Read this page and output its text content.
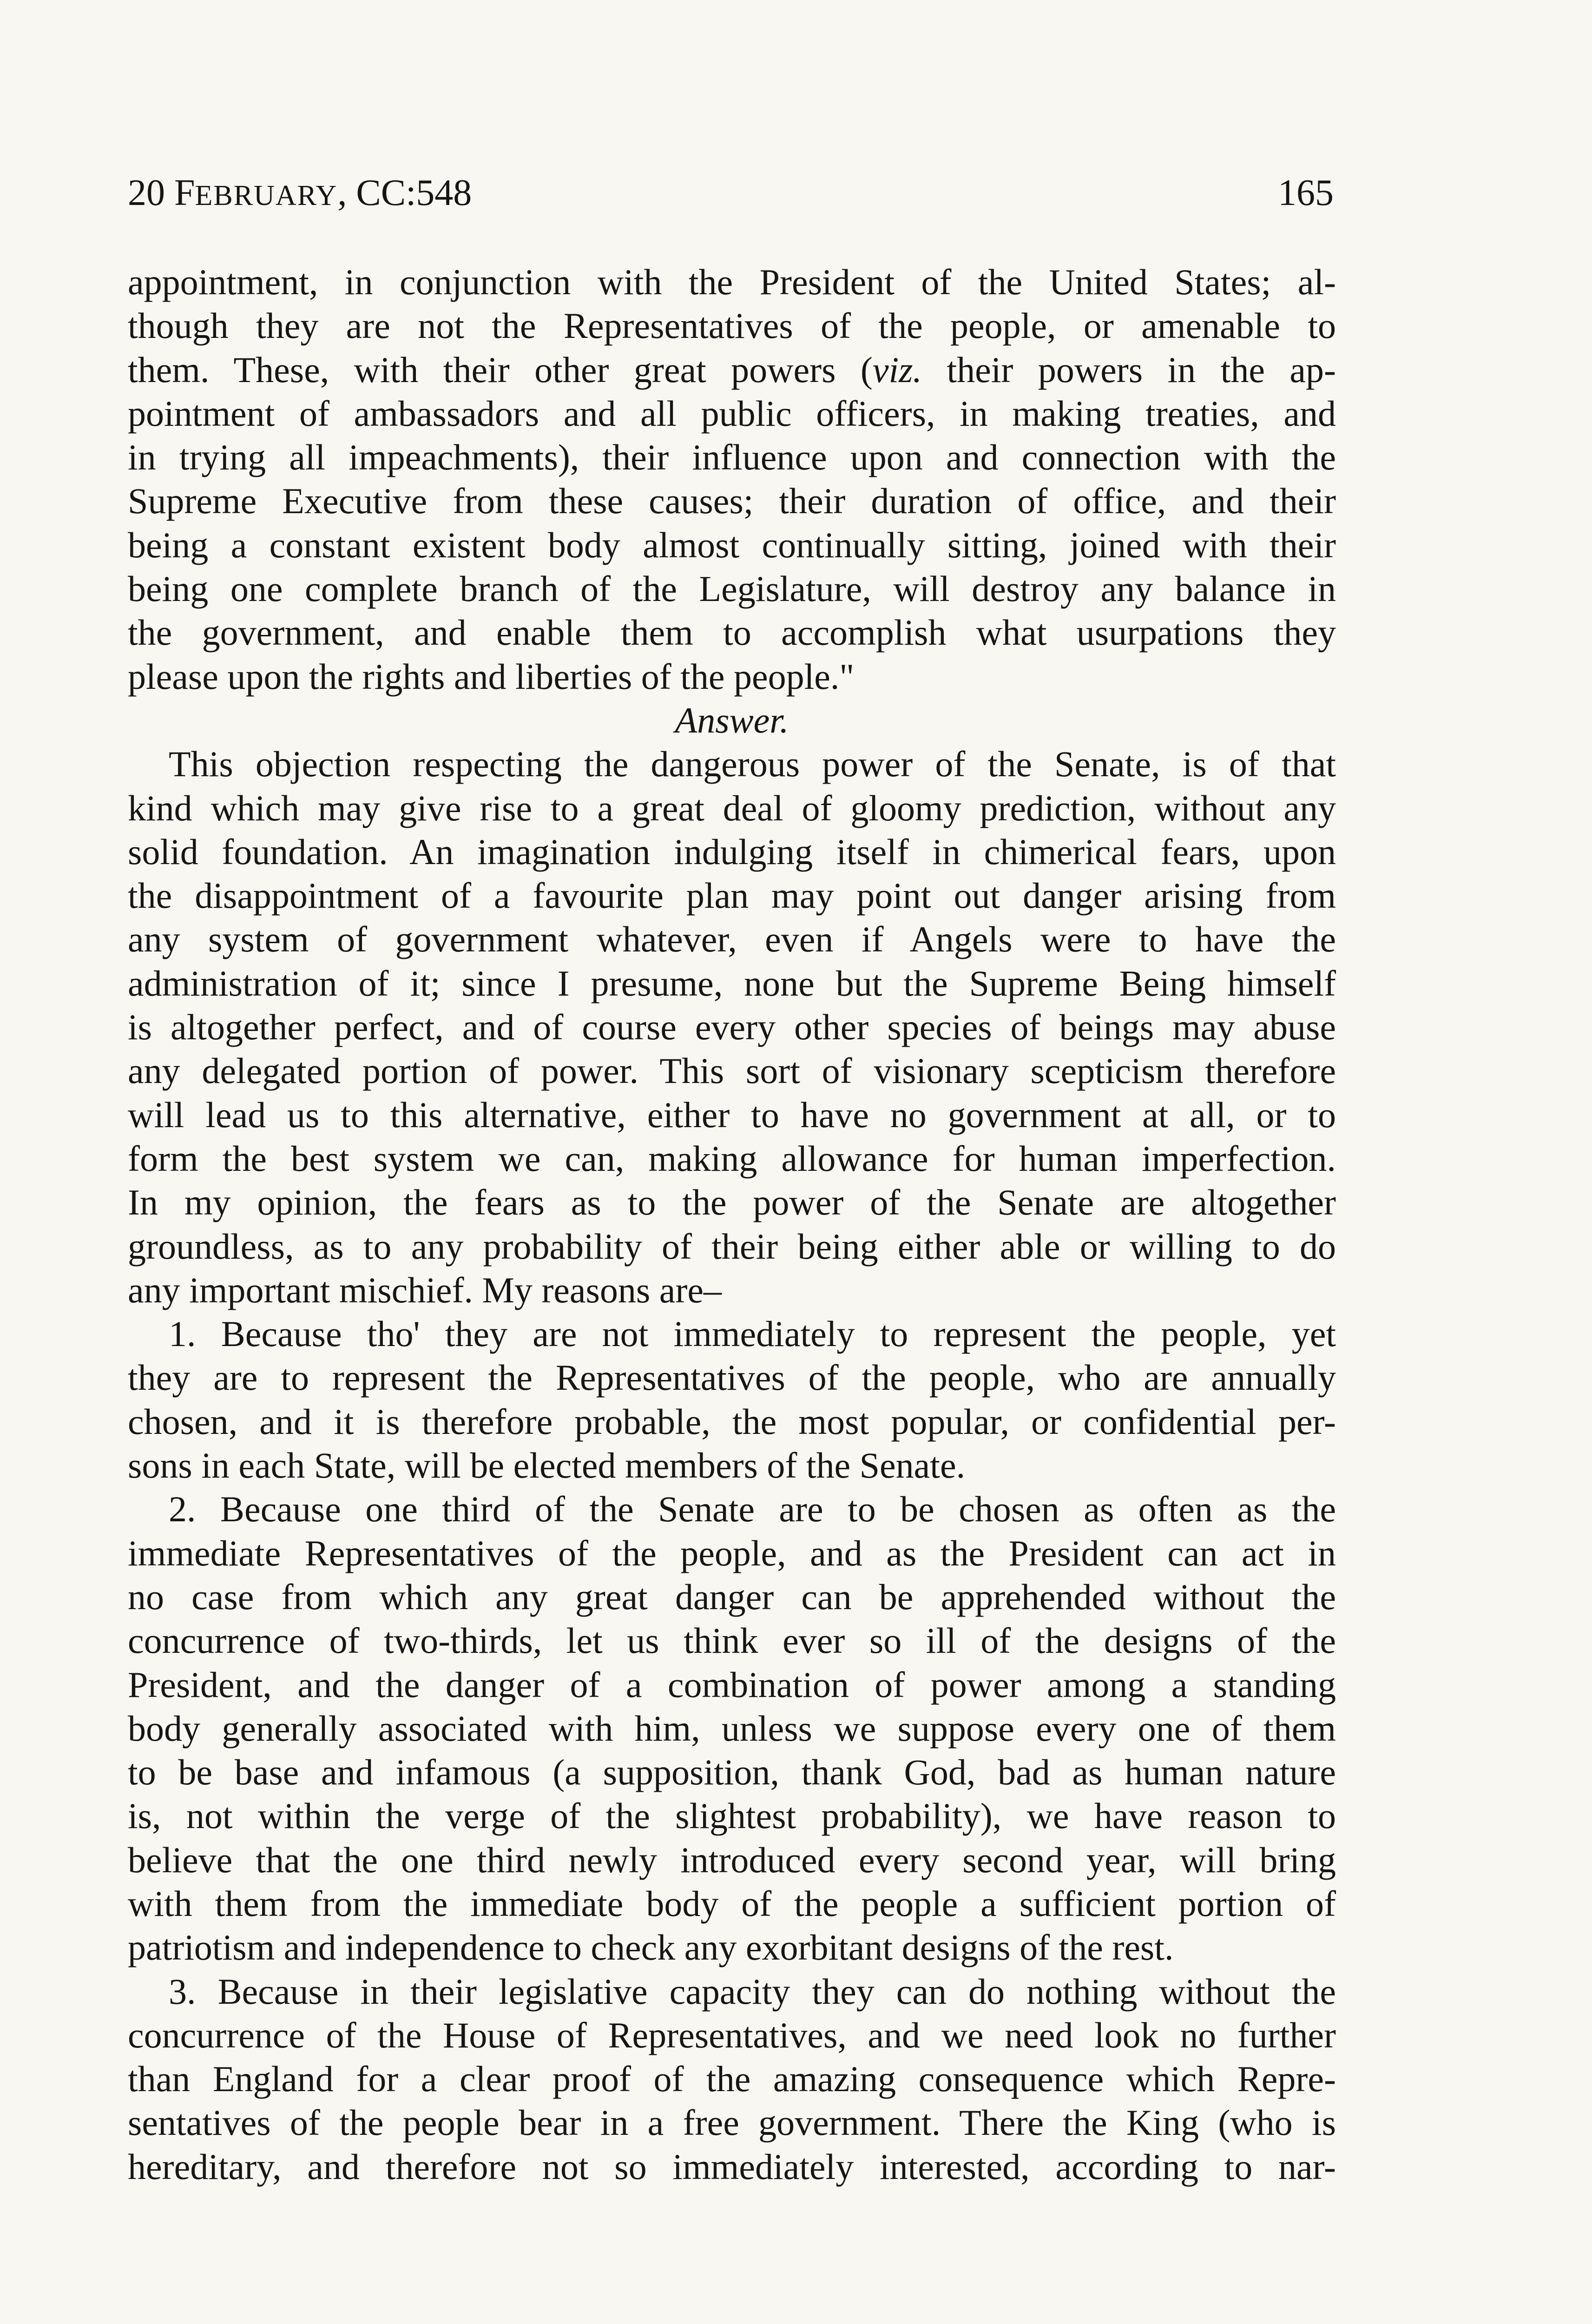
20 FEBRUARY, CC:548	165
appointment, in conjunction with the President of the United States; al-
though they are not the Representatives of the people, or amenable to
them. These, with their other great powers (viz. their powers in the ap-
pointment of ambassadors and all public officers, in making treaties, and
in trying all impeachments), their influence upon and connection with the
Supreme Executive from these causes; their duration of office, and their
being a constant existent body almost continually sitting, joined with their
being one complete branch of the Legislature, will destroy any balance in
the government, and enable them to accomplish what usurpations they
please upon the rights and liberties of the people."
Answer.
This objection respecting the dangerous power of the Senate, is of that
kind which may give rise to a great deal of gloomy prediction, without any
solid foundation. An imagination indulging itself in chimerical fears, upon
the disappointment of a favourite plan may point out danger arising from
any system of government whatever, even if Angels were to have the
administration of it; since I presume, none but the Supreme Being himself
is altogether perfect, and of course every other species of beings may abuse
any delegated portion of power. This sort of visionary scepticism therefore
will lead us to this alternative, either to have no government at all, or to
form the best system we can, making allowance for human imperfection.
In my opinion, the fears as to the power of the Senate are altogether
groundless, as to any probability of their being either able or willing to do
any important mischief. My reasons are–
1. Because tho' they are not immediately to represent the people, yet
they are to represent the Representatives of the people, who are annually
chosen, and it is therefore probable, the most popular, or confidential per-
sons in each State, will be elected members of the Senate.
2. Because one third of the Senate are to be chosen as often as the
immediate Representatives of the people, and as the President can act in
no case from which any great danger can be apprehended without the
concurrence of two-thirds, let us think ever so ill of the designs of the
President, and the danger of a combination of power among a standing
body generally associated with him, unless we suppose every one of them
to be base and infamous (a supposition, thank God, bad as human nature
is, not within the verge of the slightest probability), we have reason to
believe that the one third newly introduced every second year, will bring
with them from the immediate body of the people a sufficient portion of
patriotism and independence to check any exorbitant designs of the rest.
3. Because in their legislative capacity they can do nothing without the
concurrence of the House of Representatives, and we need look no further
than England for a clear proof of the amazing consequence which Repre-
sentatives of the people bear in a free government. There the King (who is
hereditary, and therefore not so immediately interested, according to nar-
